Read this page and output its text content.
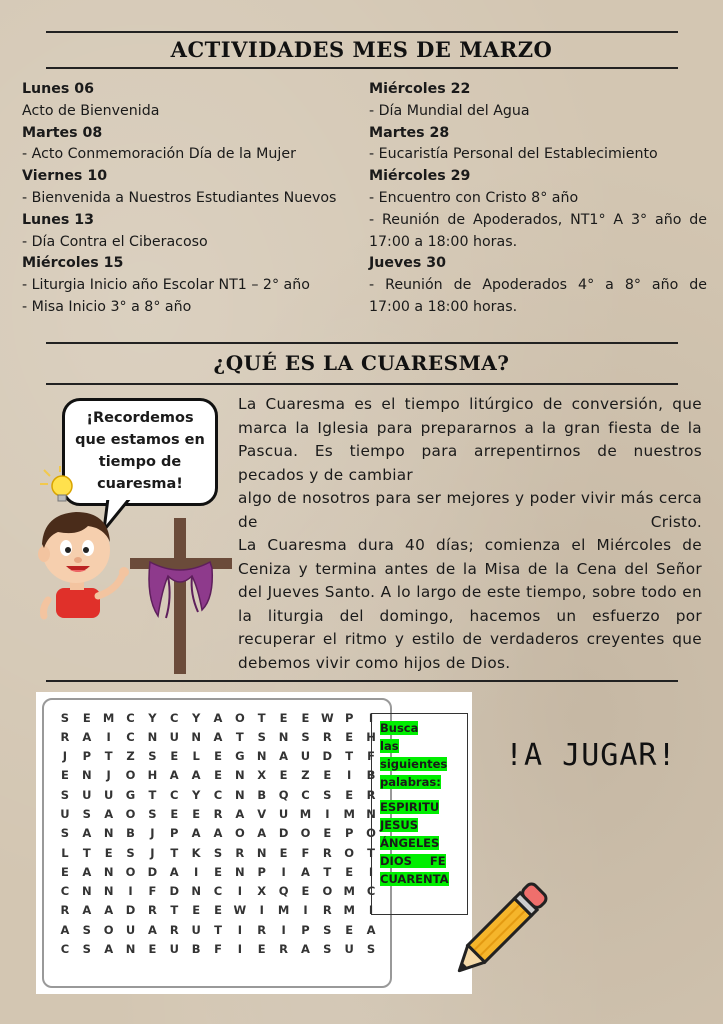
ACTIVIDADES MES DE MARZO
Lunes 06
Acto de Bienvenida
Martes 08
- Acto Conmemoración Día de la Mujer
Viernes 10
- Bienvenida a Nuestros Estudiantes Nuevos
Lunes 13
- Día Contra el Ciberacoso
Miércoles 15
- Liturgia Inicio año Escolar NT1 – 2° año
- Misa Inicio 3° a 8° año
Miércoles 22
- Día Mundial del Agua
Martes 28
- Eucaristía Personal del Establecimiento
Miércoles 29
- Encuentro con Cristo 8° año
- Reunión de Apoderados, NT1° A 3° año de
17:00 a 18:00 horas.
Jueves 30
- Reunión de Apoderados 4° a 8° año de
17:00 a 18:00 horas.
¿QUÉ ES LA CUARESMA?
¡Recordemos
que estamos en
tiempo de
cuaresma!

La Cuaresma es el tiempo litúrgico de conversión, que marca la Iglesia para prepararnos a la gran fiesta de la Pascua. Es tiempo para arrepentirnos de nuestros pecados y de cambiar

algo de nosotros para ser mejores y poder vivir más cerca de Cristo.

La Cuaresma dura 40 días; comienza el Miércoles de Ceniza y termina antes de la Misa de la Cena del Señor del Jueves Santo. A lo largo de este tiempo, sobre todo en la liturgia del domingo, hacemos un esfuerzo por recuperar el ritmo y estilo de verdaderos creyentes que debemos vivir como hijos de Dios.

S	E	M	C	Y	C	Y	A	O	T	E	E	W P	I
R	A	I	C	N	U	N	A	T	S	N	S	R	E	H
J	P	T	Z	S	E	L	E	G	N	A	U	D	T	F
E	N	J	O	H	A	A	E	N	X	E	Z	E	I	B
S	U	U	G	T	C	Y	C	N	B	Q	C	S	E	R
U	S	A	O	S	E	E	R	A	V	U M	I	M N
S	A	N	B	J	P	A	A	O	A	D	O	E	P	O
L	T	E	S	J	T	K	S	R	N	E	F	R	O	T
E	A	N	O	D	A	I	E	N	P	I	A	T	E	I
C	N	N	I	F	D	N	C	I	X	Q	E	O M	C
R	A	A	D	R	T	E	E	W	I	M	I	R	M	I
A	S	O	U	A	R	U	T	I	R	I	P	S	E	A
C	S	A	N	E	U	B	F	I	E	R	A	S	U	S
Busca las siguientes palabras:
ESPIRITU
JESUS
ÁNGELES
DIOS FE
CUARENTA
!A JUGAR!
